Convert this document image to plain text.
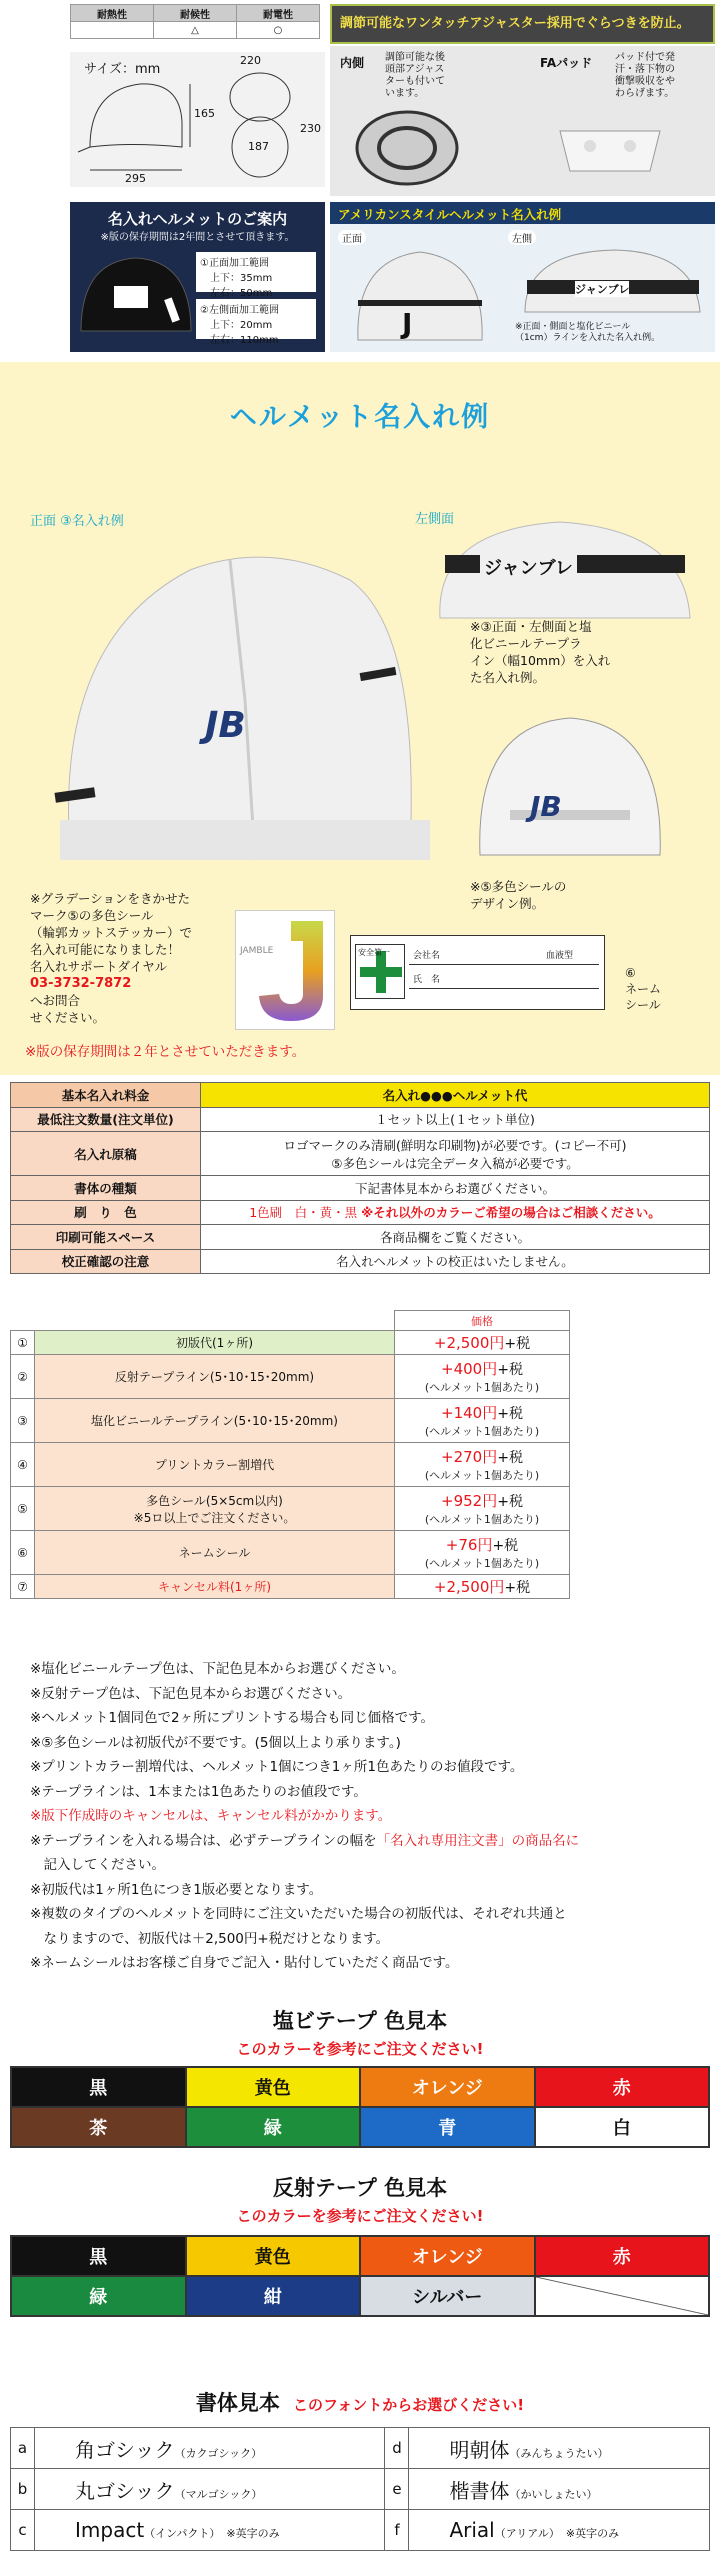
耐熱性	耐候性	耐電性
	△	○
サイズ：mm
220
165
230
187
295
調節可能なワンタッチアジャスター採用でぐらつきを防止。
内側 調節可能な後
頭部アジャス
ターも付いて
います。
FAパッド パッド付で発
汗・落下物の
衝撃吸収をや
わらげます。
名入れヘルメットのご案内
※版の保存期間は2年間とさせて頂きます。
①正面加工範囲
上下：35mm
左右：50mm
②左側面加工範囲
上下：20mm
左右：110mm
アメリカンスタイルヘルメット名入れ例
正面
J
左側
ジャンブレ
※正面・側面と塩化ビニール
（1cm）ラインを入れた名入れ例。
ヘルメット名入れ例
正面 ③名入れ例
JB
左側面
ジャンブレ
※③正面・左側面と塩
化ビニールテープラ
イン（幅10mm）を入れ
た名入れ例。
JB
※⑤多色シールの
デザイン例。
※グラデーションをきかせた
マーク⑤の多色シール
（輪郭カットステッカー）で
名入れ可能になりました！
名入れサポートダイヤル
03-3732-7872
へお問合
せください。
JAMBLE	安全第一	会社名
氏　名
血液型
⑥
ネーム
シール
※版の保存期間は２年とさせていただきます。
基本名入れ料金	名入れ●●●ヘルメット代
最低注文数量(注文単位)	１セット以上(１セット単位)
名入れ原稿	ロゴマークのみ清刷(鮮明な印刷物)が必要です。(コピー不可)
⑤多色シールは完全データ入稿が必要です。
書体の種類	下記書体見本からお選びください。
刷　り　色	1色刷　白・黄・黒 ※それ以外のカラーご希望の場合はご相談ください。
印刷可能スペース	各商品欄をご覧ください。
校正確認の注意	名入れヘルメットの校正はいたしません。
		価格
①	初版代(1ヶ所)	+2,500円+税
②	反射テープライン(5･10･15･20mm)	+400円+税
(ヘルメット1個あたり)

③	塩化ビニールテープライン(5･10･15･20mm)	+140円+税
(ヘルメット1個あたり)

④	プリントカラー割増代	+270円+税
(ヘルメット1個あたり)

⑤	多色シール(5×5cm以内)
※5ロ以上でご注文ください。	+952円+税
(ヘルメット1個あたり)

⑥	ネームシール	+76円+税
(ヘルメット1個あたり)

⑦	キャンセル料(1ヶ所)	+2,500円+税

※塩化ビニールテープ色は、下記色見本からお選びください。

※反射テープ色は、下記色見本からお選びください。

※ヘルメット1個同色で2ヶ所にプリントする場合も同じ価格です。

※⑤多色シールは初版代が不要です。(5個以上より承ります。)

※プリントカラー割増代は、ヘルメット1個につき1ヶ所1色あたりのお値段です。

※テープラインは、1本または1色あたりのお値段です。

※版下作成時のキャンセルは、キャンセル料がかかります。

※テープラインを入れる場合は、必ずテープラインの幅を「名入れ専用注文書」の商品名に
　記入してください。

※初版代は1ヶ所1色につき1版必要となります。

※複数のタイプのヘルメットを同時にご注文いただいた場合の初版代は、それぞれ共通と
　なりますので、初版代は＋2,500円+税だけとなります。

※ネームシールはお客様ご自身でご記入・貼付していただく商品です。

塩ビテープ 色見本
このカラーを参考にご注文ください!
黒	黄色	オレンジ	赤
茶	緑	青	白
反射テープ 色見本
このカラーを参考にご注文ください!
黒	黄色	オレンジ	赤
緑	紺	シルバー
書体見本 このフォントからお選びください!
a	角ゴシック（カクゴシック）	d	明朝体（みんちょうたい）
b	丸ゴシック（マルゴシック）	e	楷書体（かいしょたい）
c	Impact（インパクト） ※英字のみ	f	Arial（アリアル） ※英字のみ
